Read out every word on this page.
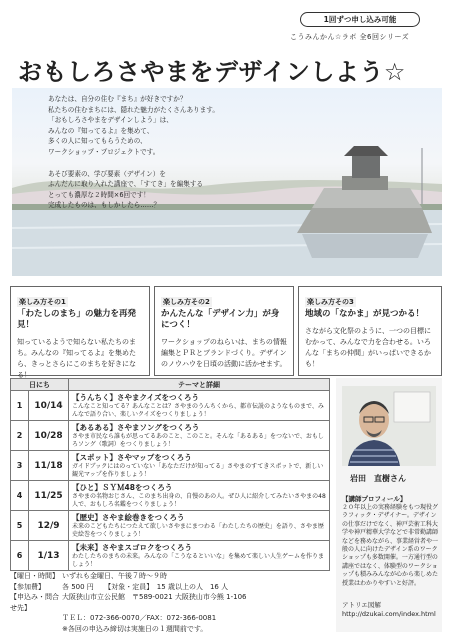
1回ずつ申し込み可能
こうみんかん☆ラボ 全6回シリーズ
おもしろさやまをデザインしよう☆

あなたは、自分の住む『まち』が好きですか？

私たちの住むまちには、隠れた魅力がたくさんあります。

「おもしろさやまをデザインしよう」は、

みんなの『知ってるよ』を集めて、

多くの人に知ってもらうための、

ワークショップ・プロジェクトです。

あそび要素の、学び要素（デザイン）を

ふんだんに取り入れた講座で、「すてき」を編集する

とっても濃厚な２時間×6回です！

完成したものは、もしかしたら……？

楽しみ方その1
「わたしのまち」の魅力を再発見！
知っているようで知らない私たちのまち。みんなの『知ってるよ』を集めたら、きっとさらにこのまちを好きになる！
楽しみ方その2
かんたんな「デザイン力」が身につく！
ワークショップのねらいは、まちの情報編集とＰＲとブランドづくり。デザインのノウハウを日頃の活動に活かせます。
楽しみ方その3
地域の「なかま」が見つかる！
さながら文化祭のように、一つの目標にむかって、みんなで力を合わせる。いろんな「まちの仲間」がいっぱいできるかも！
日にち		テーマと詳細
1	10/14	【うんちく】さやまクイズをつくろう
こんなこと知ってる？あんなことは？さやまのうんちくから、都市伝説のようなものまで、みんなで語り合い、楽しいクイズをつくりましょう！

2	10/28	【あるある】さやまソングをつくろう
さやま市民なら誰もが思ってるあのこと、このこと。そんな「あるある」をつないで、おもしろソング（歌詞）をつくりましょう！

3	11/18	【スポット】さやマップをつくろう
ガイドブックにはのっていない「あなただけが知ってる」さやまのすてきスポットで、新しい観光マップを作りましょう！

4	11/25	【ひと】ＳＹＭ48をつくろう
さやまの名物おじさん、このまち出身の、自慢のあの人。ぜひ人に紹介してみたいさやまの48人で、おもしろ名鑑をつくりましょう！

5	12/9	【歴史】さやま絵巻きをつくろう
未来のこどもたちにつたえて欲しいさやまにまつわる「わたしたちの歴史」を語り、さやま歴史絵巻をつくりましょう！

6	1/13	【未来】さやまスゴロクをつくろう
わたしたちのまちの未来。みんなの「こうなるといいな」を集めて楽しい人生ゲームを作りましょう！
岩田　直樹さん
【講師プロフィール】
２０年以上の実務経験をもつ現役グラフィック・デザイナー。デザインの仕事だけでなく、神戸芸術工科大学や神戸精華大学などで非常勤講師などを務めながら、事業経営者や一般の人に向けたデザイン系のワークショップも多数開催。一方通行型の講座ではなく、体験型のワークショップも積みみんなが心から楽しめた授業はわかりやすいと好評。
アトリエ図解
http://dzukai.com/index.html
【曜日・時間】 いずれも金曜日、午後７時～９時
【参加費】	各 500 円　　【対象・定員】　15 歳以上の人　16 人
【申込み・問合せ先】
大阪狭山市立公民館　〒589-0021 大阪狭山市今熊 1-106
ＴＥＬ：072-366-0070／FAX：072-366-0081
※各回の申込み締切は実施日の１週間前です。
